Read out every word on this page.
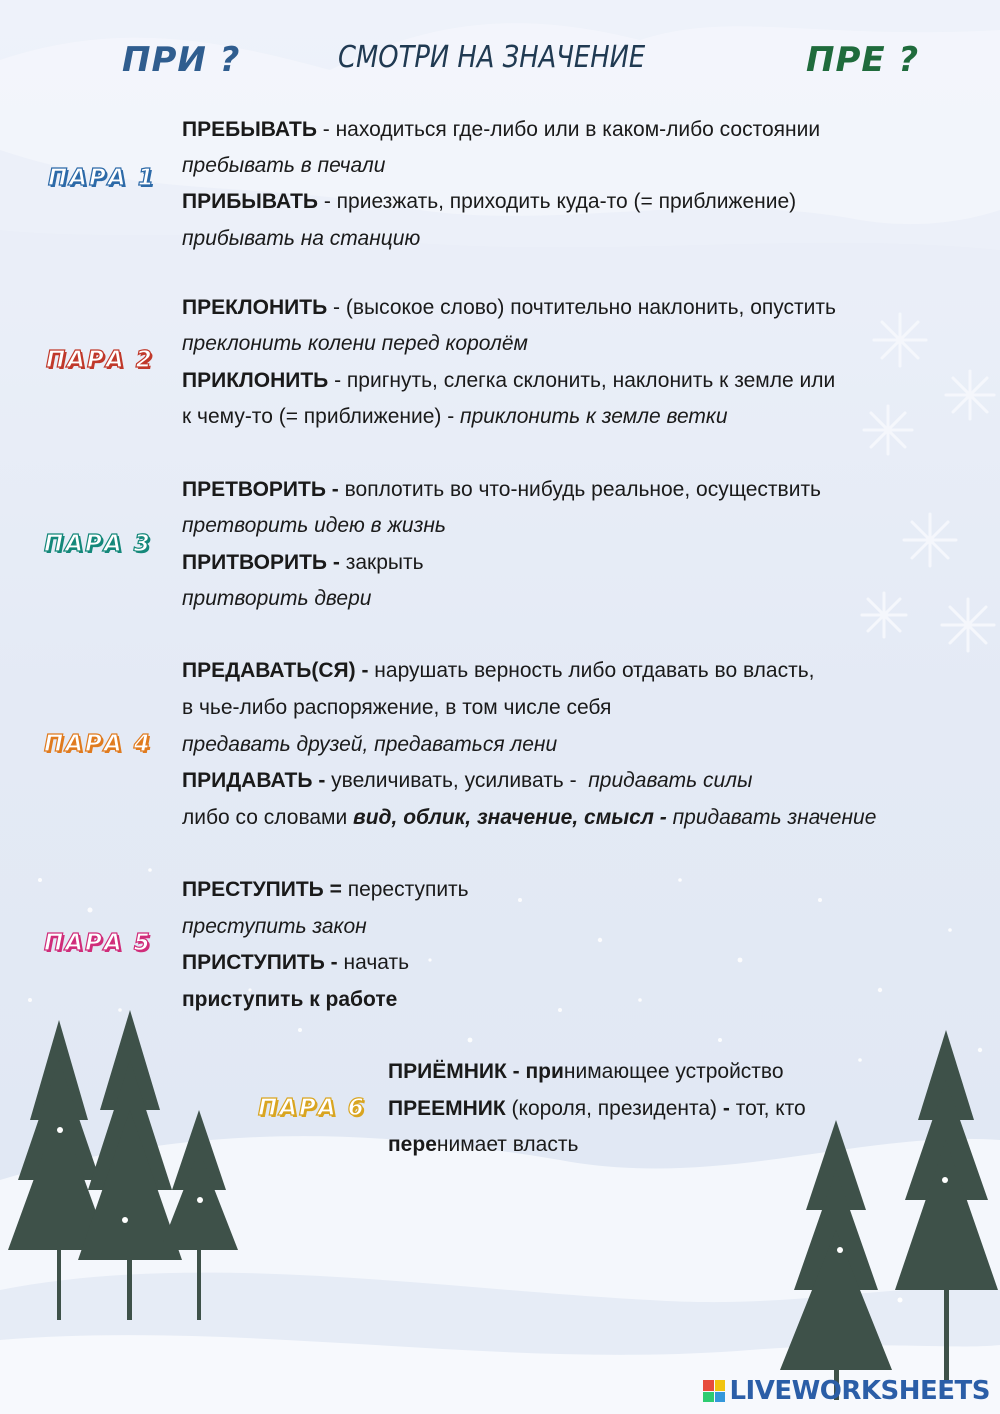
ПРИ ?	СМОТРИ НА ЗНАЧЕНИЕ	ПРЕ ?
ПАРА 1
ПАРА 2
ПАРА 3
ПАРА 4
ПАРА 5
ПАРА 6
ПРЕБЫВАТЬ - находиться где-либо или в каком-либо состоянии
пребывать в печали
ПРИБЫВАТЬ - приезжать, приходить куда-то (= приближение)
прибывать на станцию
ПРЕКЛОНИТЬ - (высокое слово) почтительно наклонить, опустить
преклонить колени перед королём
ПРИКЛОНИТЬ - пригнуть, слегка склонить, наклонить к земле или
к чему-то (= приближение) - приклонить к земле ветки
ПРЕТВОРИТЬ - воплотить во что-нибудь реальное, осуществить
претворить идею в жизнь
ПРИТВОРИТЬ - закрыть
притворить двери
ПРЕДАВАТЬ(СЯ) - нарушать верность либо отдавать во власть,
в чье-либо распоряжение, в том числе себя
предавать друзей, предаваться лени
ПРИДАВАТЬ - увеличивать, усиливать -  придавать силы
либо со словами вид, облик, значение, смысл - придавать значение
ПРЕСТУПИТЬ = переступить
преступить закон
ПРИСТУПИТЬ - начать
приступить к работе
ПРИЁМНИК - принимающее устройство
ПРЕЕМНИК (короля, президента) - тот, кто
перенимает власть
LIVEWORKSHEETS
